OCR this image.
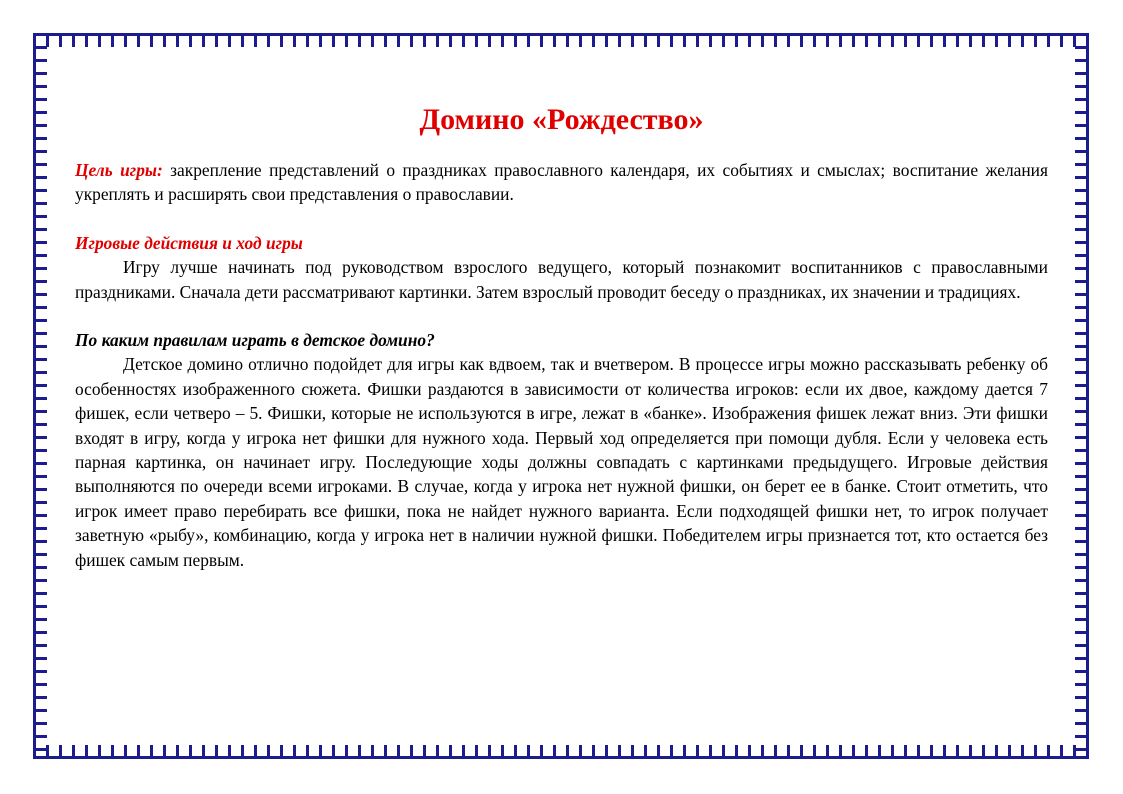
Домино «Рождество»

Цель игры: закрепление представлений о праздниках православного календаря, их событиях и смыслах; воспитание желания укреплять и расширять свои представления о православии.

Игровые действия и ход игры

Игру лучше начинать под руководством взрослого ведущего, который познакомит воспитанников с православными праздниками. Сначала дети рассматривают картинки. Затем взрослый проводит беседу о праздниках, их значении и традициях.

По каким правилам играть в детское домино?

Детское домино отлично подойдет для игры как вдвоем, так и вчетвером. В процессе игры можно рассказывать ребенку об особенностях изображенного сюжета. Фишки раздаются в зависимости от количества игроков: если их двое, каждому дается 7 фишек, если четверо – 5. Фишки, которые не используются в игре, лежат в «банке». Изображения фишек лежат вниз. Эти фишки входят в игру, когда у игрока нет фишки для нужного хода. Первый ход определяется при помощи дубля. Если у человека есть парная картинка, он начинает игру. Последующие ходы должны совпадать с картинками предыдущего. Игровые действия выполняются по очереди всеми игроками. В случае, когда у игрока нет нужной фишки, он берет ее в банке. Стоит отметить, что игрок имеет право перебирать все фишки, пока не найдет нужного варианта. Если подходящей фишки нет, то игрок получает заветную «рыбу», комбинацию, когда у игрока нет в наличии нужной фишки. Победителем игры признается тот, кто остается без фишек самым первым.
